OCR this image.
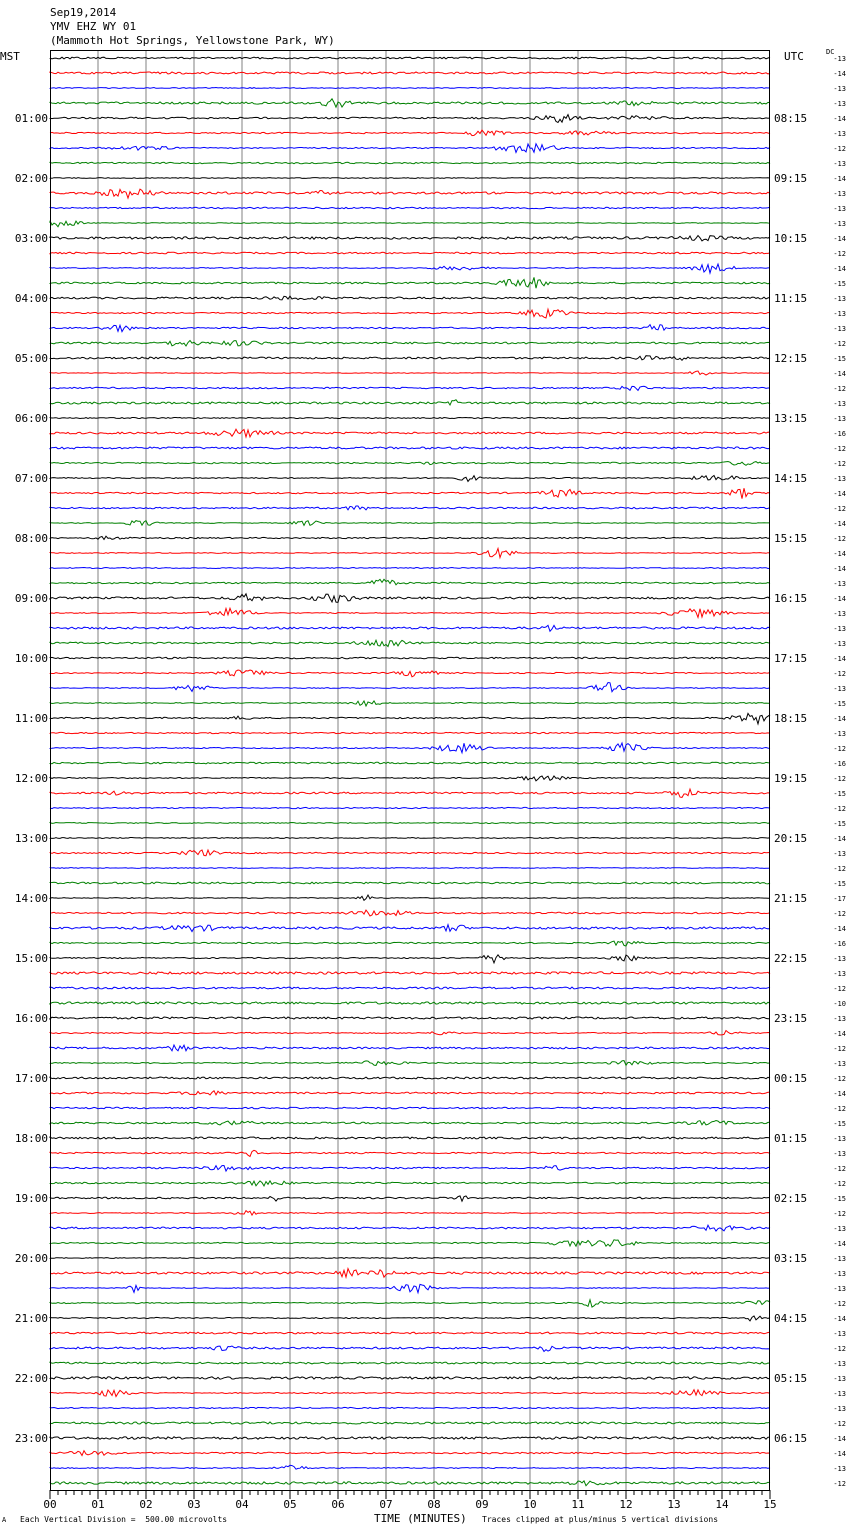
00	01	02	03	04	05	06	07	08	09	10	11	12	13	14	15
01:00
02:00
03:00
04:00
05:00
06:00
07:00
08:00
09:00
10:00
11:00
12:00
13:00
14:00
15:00
16:00
17:00
18:00
19:00
20:00
21:00
22:00
23:00
08:15
09:15
10:15
11:15
12:15
13:15
14:15
15:15
16:15
17:15
18:15
19:15
20:15
21:15
22:15
23:15
00:15
01:15
02:15
03:15
04:15
05:15
06:15
-13
-14
-13
-13
-14
-13
-12
-13
-14
-13
-13
-13
-14
-12
-14
-15
-13
-13
-13
-12
-15
-14
-12
-13
-13
-16
-12
-12
-13
-14
-12
-14
-12
-14
-14
-13
-14
-13
-13
-13
-14
-12
-13
-15
-14
-13
-12
-16
-12
-15
-12
-15
-14
-13
-12
-15
-17
-12
-14
-16
-13
-13
-12
-10
-13
-14
-12
-13
-12
-14
-12
-15
-13
-13
-12
-12
-15
-12
-13
-14
-13
-13
-13
-12
-14
-13
-12
-13
-13
-13
-13
-12
-14
-14
-13
-12
Sep19,2014
YMV EHZ WY 01
(Mammoth Hot Springs, Yellowstone Park, WY)
MST	UTC	DC
A Each Vertical Division =  500.00 microvolts	TIME (MINUTES) Traces clipped at plus/minus 5 vertical divisions
